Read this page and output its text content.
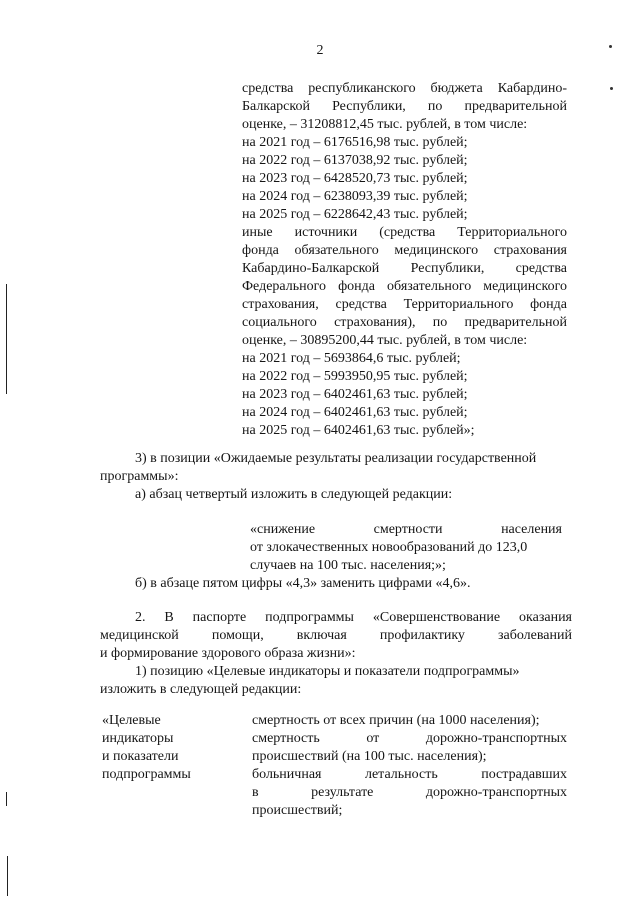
2
средства республиканского бюджета Кабардино-
Балкарской Республики, по предварительной
оценке, – 31208812,45 тыс. рублей, в том числе:
на 2021 год – 6176516,98 тыс. рублей;
на 2022 год – 6137038,92 тыс. рублей;
на 2023 год – 6428520,73 тыс. рублей;
на 2024 год – 6238093,39 тыс. рублей;
на 2025 год – 6228642,43 тыс. рублей;
иные источники (средства Территориального
фонда обязательного медицинского страхования
Кабардино-Балкарской Республики, средства
Федерального фонда обязательного медицинского
страхования, средства Территориального фонда
социального страхования), по предварительной
оценке, – 30895200,44 тыс. рублей, в том числе:
на 2021 год – 5693864,6 тыс. рублей;
на 2022 год – 5993950,95 тыс. рублей;
на 2023 год – 6402461,63 тыс. рублей;
на 2024 год – 6402461,63 тыс. рублей;
на 2025 год – 6402461,63 тыс. рублей»;
3) в позиции «Ожидаемые результаты реализации государственной
программы»:
а) абзац четвертый изложить в следующей редакции:
«снижение смертности населения
от злокачественных новообразований до 123,0
случаев на 100 тыс. населения;»;
б) в абзаце пятом цифры «4,3» заменить цифрами «4,6».
2. В паспорте подпрограммы «Совершенствование оказания
медицинской помощи, включая профилактику заболеваний
и формирование здорового образа жизни»:
1) позицию «Целевые индикаторы и показатели подпрограммы»
изложить в следующей редакции:
«Целевые
индикаторы
и показатели
подпрограммы
смертность от всех причин (на 1000 населения);
смертность от дорожно-транспортных
происшествий (на 100 тыс. населения);
больничная летальность пострадавших
в результате дорожно-транспортных
происшествий;
